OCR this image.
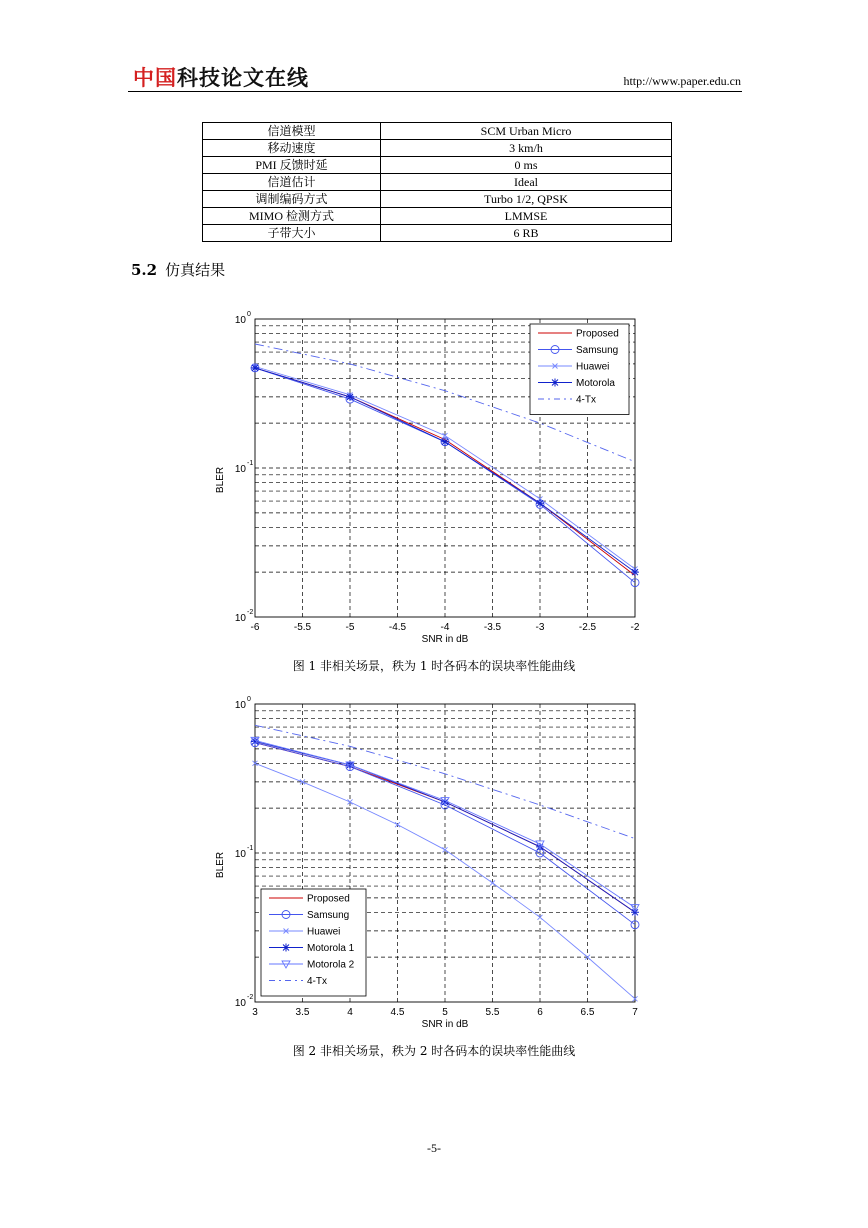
中国科技论文在线	http://www.paper.edu.cn
信道模型	SCM Urban Micro
移动速度	3 km/h
PMI 反馈时延	0 ms
信道估计	Ideal
调制编码方式	Turbo 1/2, QPSK
MIMO 检测方式	LMMSE
子带大小	6 RB
5.2 仿真结果
-6	-5.5	-5	-4.5	-4	-3.5	-3	-2.5	-2
10
-2
10
-1
10
0
SNR in dB
BLER
Proposed
Samsung
Huawei
Motorola
4-Tx
图 1 非相关场景，秩为 1 时各码本的误块率性能曲线
3	3.5	4	4.5	5	5.5	6	6.5	7
10
-2
10
-1
10
0
SNR in dB
BLER
Proposed
Samsung
Huawei
Motorola 1
Motorola 2
4-Tx
图 2 非相关场景，秩为 2 时各码本的误块率性能曲线
-5-
